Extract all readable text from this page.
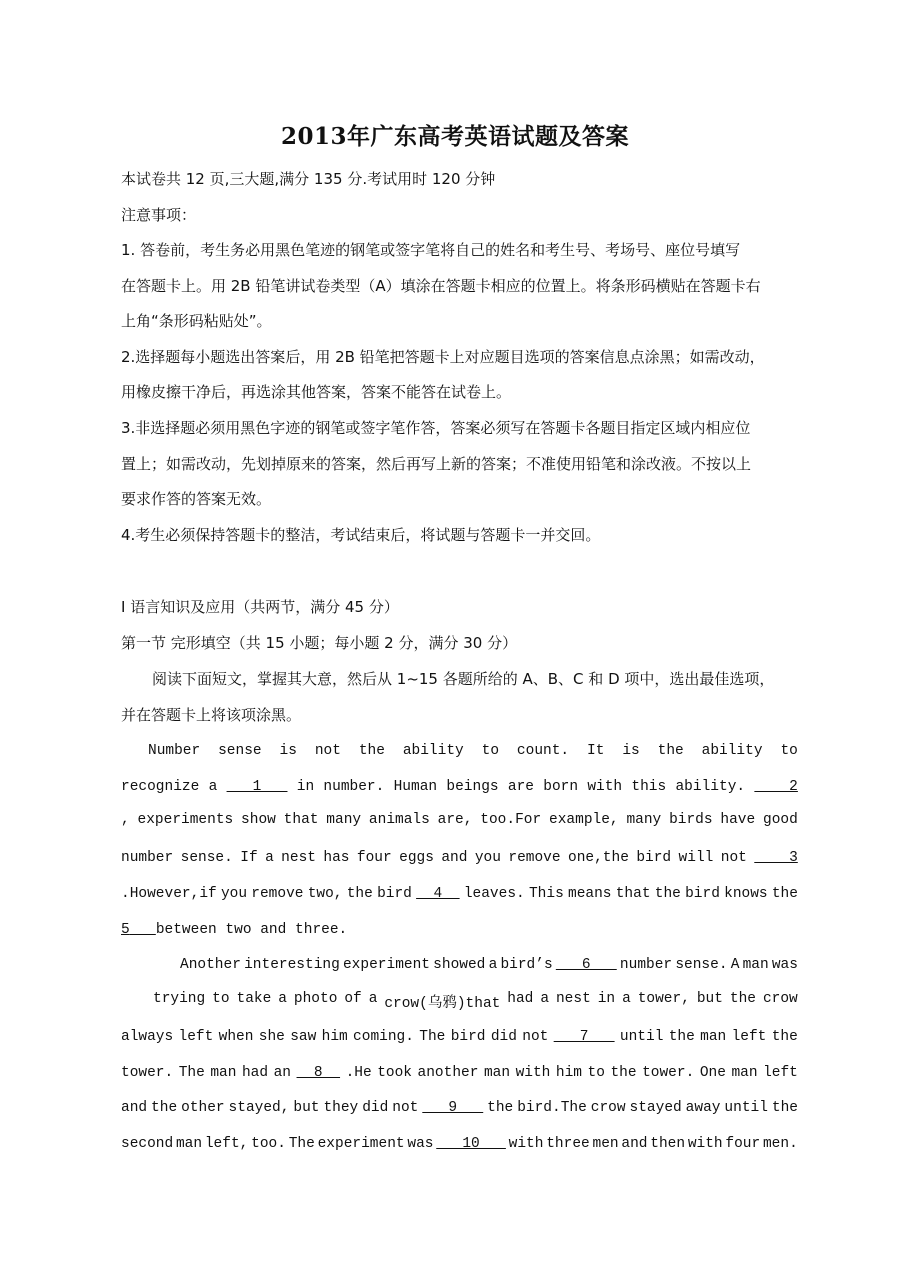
2013年广东高考英语试题及答案
本试卷共 12 页,三大题,满分 135 分.考试用时 120 分钟
注意事项：
1. 答卷前，考生务必用黑色笔迹的钢笔或签字笔将自己的姓名和考生号、考场号、座位号填写
在答题卡上。用 2B 铅笔讲试卷类型（A）填涂在答题卡相应的位置上。将条形码横贴在答题卡右
上角“条形码粘贴处”。
2.选择题每小题选出答案后，用 2B 铅笔把答题卡上对应题目选项的答案信息点涂黑；如需改动，
用橡皮擦干净后，再选涂其他答案，答案不能答在试卷上。
3.非选择题必须用黑色字迹的钢笔或签字笔作答，答案必须写在答题卡各题目指定区域内相应位
置上；如需改动，先划掉原来的答案，然后再写上新的答案；不准使用铅笔和涂改液。不按以上
要求作答的答案无效。
4.考生必须保持答题卡的整洁，考试结束后，将试题与答题卡一并交回。
I 语言知识及应用（共两节，满分 45 分）
第一节 完形填空（共 15 小题；每小题 2 分，满分 30 分）
阅读下面短文，掌握其大意，然后从 1~15 各题所给的 A、B、C 和 D 项中，选出最佳选项，
并在答题卡上将该项涂黑。
Number sense is not the ability to count. It is the ability to
recognize a 1 in number. Human beings are born with this ability. 2
, experiments show that many animals are, too.For example, many birds have good
number sense. If a nest has four eggs and you remove one,the bird will not 3
.However,if you remove two, the bird 4 leaves. This means that the bird knows the
5
between two and three.
Another interesting experiment showed a bird’s 6 number sense. A man was
trying to take a photo of a crow(乌鸦)that had a nest in a tower, but the crow
always left when she saw him coming. The bird did not 7 until the man left the
tower. The man had an 8 .He took another man with him to the tower. One man left
and the other stayed, but they did not 9 the bird.The crow stayed away until the
second man left, too. The experiment was 10 with three men and then with four men.
